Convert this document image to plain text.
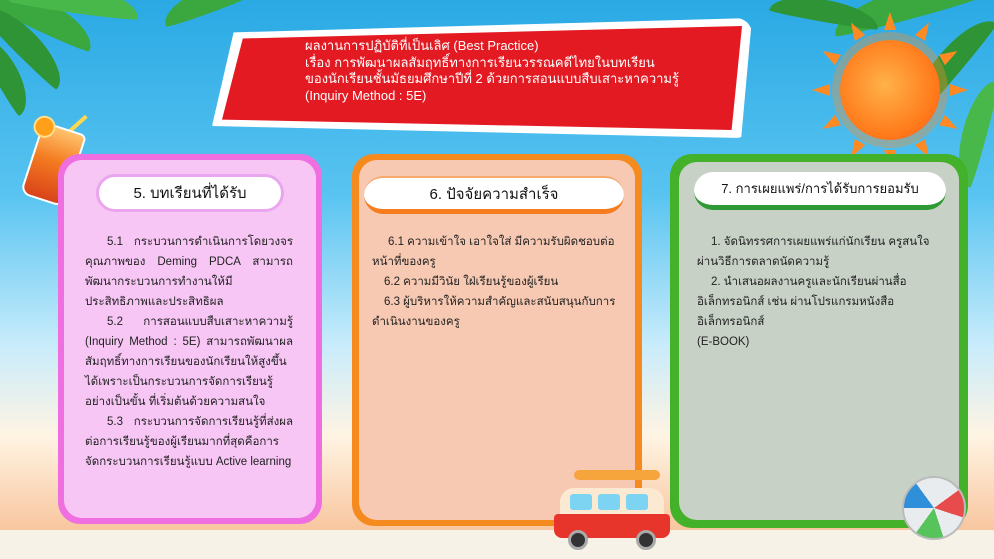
ผลงานการปฏิบัติที่เป็นเลิศ (Best Practice)
เรื่อง การพัฒนาผลสัมฤทธิ์ทางการเรียนวรรณคดีไทยในบทเรียน
ของนักเรียนชั้นมัธยมศึกษาปีที่ 2 ด้วยการสอนแบบสืบเสาะหาความรู้
(Inquiry Method : 5E)
5. บทเรียนที่ได้รับ

5.1 กระบวนการดำเนินการโดยวงจรคุณภาพของ Deming PDCA สามารถพัฒนากระบวนการทำงานให้มีประสิทธิภาพและประสิทธิผล

5.2 การสอนแบบสืบเสาะหาความรู้ (Inquiry Method : 5E) สามารถพัฒนาผลสัมฤทธิ์ทางการเรียนของนักเรียนให้สูงขึ้นได้เพราะเป็นกระบวนการจัดการเรียนรู้อย่างเป็นขั้น ที่เริ่มต้นด้วยความสนใจ

5.3 กระบวนการจัดการเรียนรู้ที่ส่งผลต่อการเรียนรู้ของผู้เรียนมากที่สุดคือการจัดกระบวนการเรียนรู้แบบ Active learning

6. ปัจจัยความสำเร็จ

6.1 ความเข้าใจ เอาใจใส่ มีความรับผิดชอบต่อหน้าที่ของครู

6.2 ความมีวินัย ใฝ่เรียนรู้ของผู้เรียน

6.3 ผู้บริหารให้ความสำคัญและสนับสนุนกับการดำเนินงานของครู

7. การเผยแพร่/การได้รับการยอมรับ

1. จัดนิทรรศการเผยแพร่แก่นักเรียน ครูสนใจผ่านวิธีการตลาดนัดความรู้

2. นำเสนอผลงานครูและนักเรียนผ่านสื่ออิเล็กทรอนิกส์ เช่น ผ่านโปรแกรมหนังสืออิเล็กทรอนิกส์

(E-BOOK)
